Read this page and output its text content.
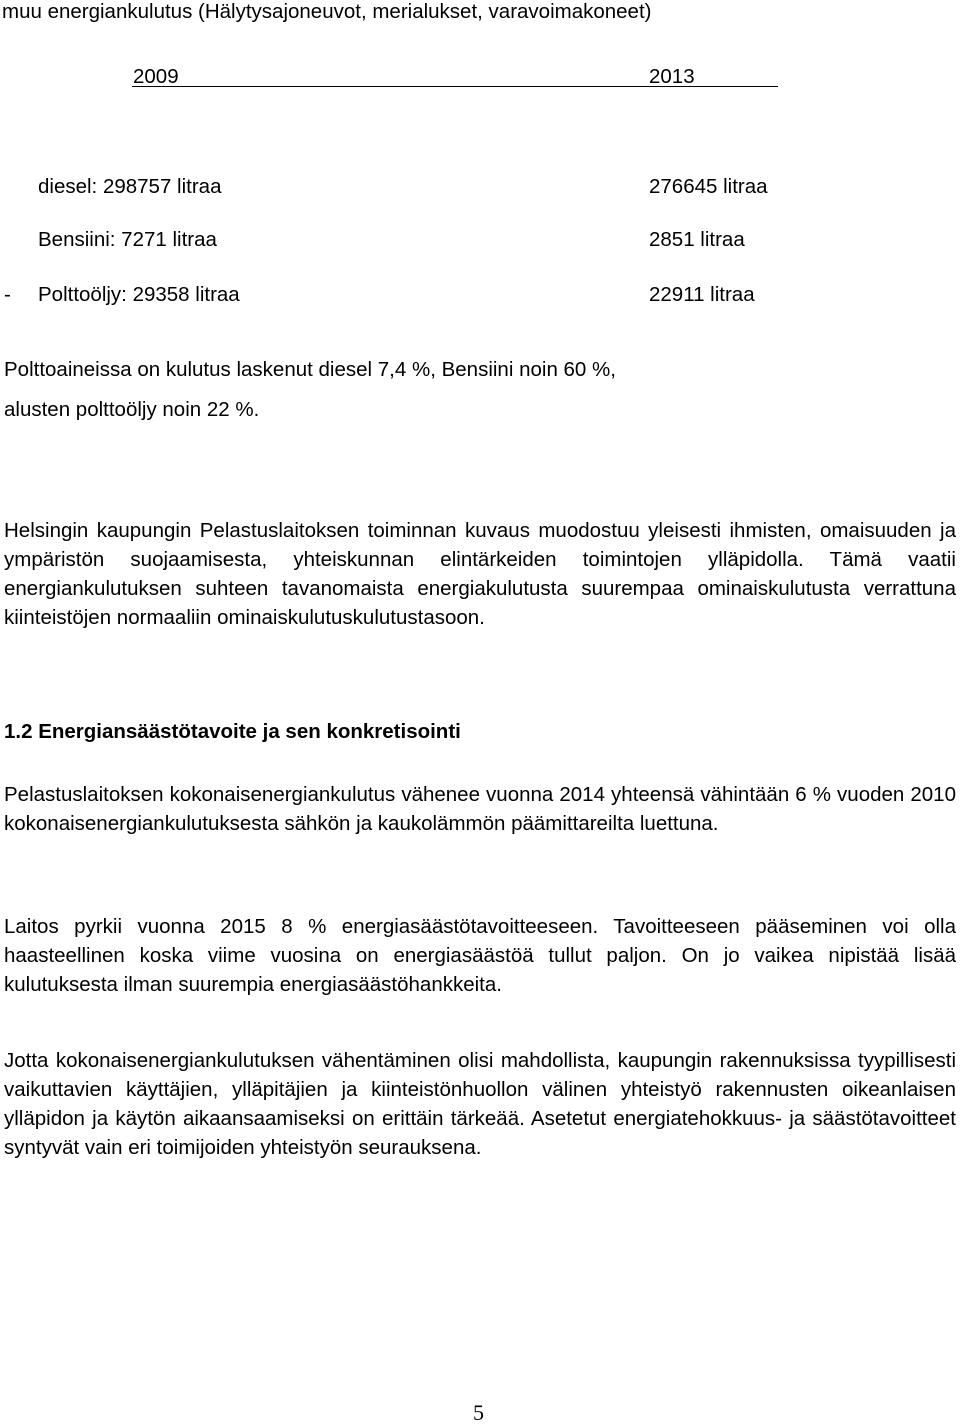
muu energiankulutus (Hälytysajoneuvot, merialukset, varavoimakoneet)
2009	2013
diesel: 298757 litraa	276645 litraa
Bensiini: 7271 litraa	2851 litraa
- Polttoöljy: 29358 litraa	22911 litraa
Polttoaineissa on kulutus laskenut diesel 7,4 %, Bensiini noin 60 %,
alusten polttoöljy noin 22 %.

Helsingin kaupungin Pelastuslaitoksen toiminnan kuvaus muodostuu yleisesti ihmisten, omaisuuden ja ympäristön suojaamisesta, yhteiskunnan elintärkeiden toimintojen ylläpidolla. Tämä vaatii energiankulutuksen suhteen tavanomaista energiakulutusta suurempaa ominaiskulutusta verrattuna kiinteistöjen normaaliin ominaiskulutuskulutustasoon.

1.2 Energiansäästötavoite ja sen konkretisointi

Pelastuslaitoksen kokonaisenergiankulutus vähenee vuonna 2014 yhteensä vähintään 6 % vuoden 2010 kokonaisenergiankulutuksesta sähkön ja kaukolämmön päämittareilta luettuna.

Laitos pyrkii vuonna 2015 8 % energiasäästötavoitteeseen. Tavoitteeseen pääseminen voi olla haasteellinen koska viime vuosina on energiasäästöä tullut paljon. On jo vaikea nipistää lisää kulutuksesta ilman suurempia energiasäästöhankkeita.

Jotta kokonaisenergiankulutuksen vähentäminen olisi mahdollista, kaupungin rakennuksissa tyypillisesti vaikuttavien käyttäjien, ylläpitäjien ja kiinteistönhuollon välinen yhteistyö rakennusten oikeanlaisen ylläpidon ja käytön aikaansaamiseksi on erittäin tärkeää. Asetetut energiatehokkuus- ja säästötavoitteet syntyvät vain eri toimijoiden yhteistyön seurauksena.

5
